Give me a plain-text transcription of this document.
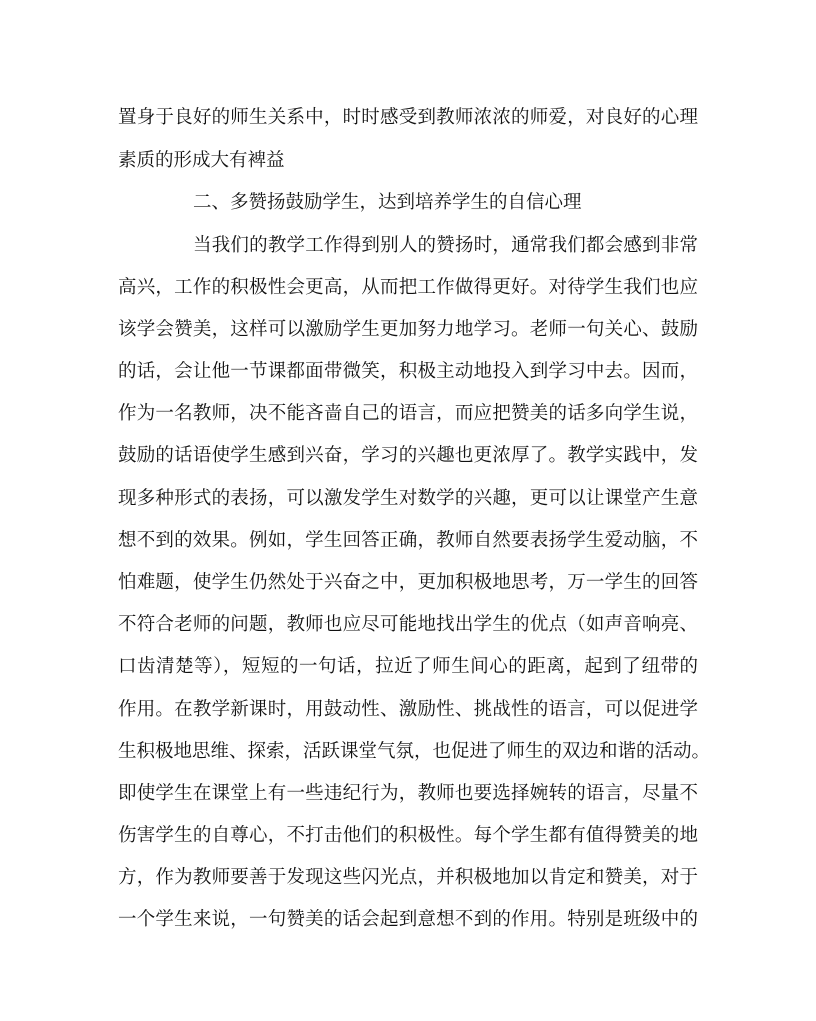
置身于良好的师生关系中，时时感受到教师浓浓的师爱，对良好的心理
素质的形成大有裨益
二、多赞扬鼓励学生，达到培养学生的自信心理
当我们的教学工作得到别人的赞扬时，通常我们都会感到非常
高兴，工作的积极性会更高，从而把工作做得更好。对待学生我们也应
该学会赞美，这样可以激励学生更加努力地学习。老师一句关心、鼓励
的话，会让他一节课都面带微笑，积极主动地投入到学习中去。因而，
作为一名教师，决不能吝啬自己的语言，而应把赞美的话多向学生说，
鼓励的话语使学生感到兴奋，学习的兴趣也更浓厚了。教学实践中，发
现多种形式的表扬，可以激发学生对数学的兴趣，更可以让课堂产生意
想不到的效果。例如，学生回答正确，教师自然要表扬学生爱动脑，不
怕难题，使学生仍然处于兴奋之中，更加积极地思考，万一学生的回答
不符合老师的问题，教师也应尽可能地找出学生的优点（如声音响亮、
口齿清楚等），短短的一句话，拉近了师生间心的距离，起到了纽带的
作用。在教学新课时，用鼓动性、激励性、挑战性的语言，可以促进学
生积极地思维、探索，活跃课堂气氛，也促进了师生的双边和谐的活动。
即使学生在课堂上有一些违纪行为，教师也要选择婉转的语言，尽量不
伤害学生的自尊心，不打击他们的积极性。每个学生都有值得赞美的地
方，作为教师要善于发现这些闪光点，并积极地加以肯定和赞美，对于
一个学生来说，一句赞美的话会起到意想不到的作用。特别是班级中的
